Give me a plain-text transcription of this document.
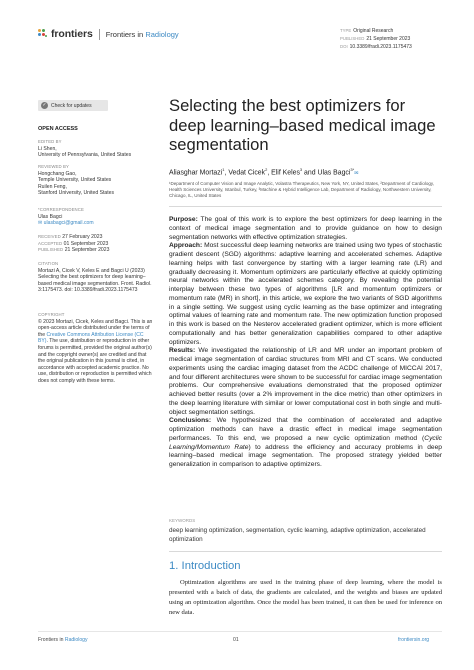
frontiers Frontiers in Radiology	TYPE Original Research
PUBLISHED 21 September 2023
DOI 10.3389/fradi.2023.1175473
✓ Check for updates
OPEN ACCESS
EDITED BY
Li Shen,
University of Pennsylvania, United States
REVIEWED BY
Hongchang Gao,
Temple University, United States
Ruilen Feng,
Stanford University, United States
*CORRESPONDENCE
Ulas Bagci
✉ ulasbagci@gmail.com
RECEIVED 27 February 2023
ACCEPTED 01 September 2023
PUBLISHED 21 September 2023
CITATION
Mortazi A, Cicek V, Keles E and Bagci U (2023) Selecting the best optimizers for deep learning–based medical image segmentation. Front. Radiol. 3:1175473. doi: 10.3389/fradi.2023.1175473
COPYRIGHT
© 2023 Mortazi, Cicek, Keles and Bagci. This is an open-access article distributed under the terms of the Creative Commons Attribution License (CC BY). The use, distribution or reproduction in other forums is permitted, provided the original author(s) and the copyright owner(s) are credited and that the original publication in this journal is cited, in accordance with accepted academic practice. No use, distribution or reproduction is permitted which does not comply with these terms.
Selecting the best optimizers for deep learning–based medical image segmentation
Aliasghar Mortazi$^1$, Vedat Cicek$^2$, Elif Keles$^3$ and Ulas Bagci$^{3*}$✉
¹Department of Computer Vision and Image Analytic, Volastra Therapeutics, New York, NY, United States, ²Department of Cardiology, Health Sciences University, Istanbul, Turkey, ³Machine & Hybrid Intelligence Lab, Department of Radiology, Northwestern University, Chicago, IL, United States

Purpose: The goal of this work is to explore the best optimizers for deep learning in the context of medical image segmentation and to provide guidance on how to design segmentation networks with effective optimization strategies.

Approach: Most successful deep learning networks are trained using two types of stochastic gradient descent (SGD) algorithms: adaptive learning and accelerated schemes. Adaptive learning helps with fast convergence by starting with a larger learning rate (LR) and gradually decreasing it. Momentum optimizers are particularly effective at quickly optimizing neural networks within the accelerated schemes category. By revealing the potential interplay between these two types of algorithms [LR and momentum optimizers or momentum rate (MR) in short], in this article, we explore the two variants of SGD algorithms in a single setting. We suggest using cyclic learning as the base optimizer and integrating optimal values of learning rate and momentum rate. The new optimization function proposed in this work is based on the Nesterov accelerated gradient optimizer, which is more efficient computationally and has better generalization capabilities compared to other adaptive optimizers.

Results: We investigated the relationship of LR and MR under an important problem of medical image segmentation of cardiac structures from MRI and CT scans. We conducted experiments using the cardiac imaging dataset from the ACDC challenge of MICCAI 2017, and four different architectures were shown to be successful for cardiac image segmentation problems. Our comprehensive evaluations demonstrated that the proposed optimizer achieved better results (over a 2% improvement in the dice metric) than other optimizers in the deep learning literature with similar or lower computational cost in both single and multi-object segmentation settings.

Conclusions: We hypothesized that the combination of accelerated and adaptive optimization methods can have a drastic effect in medical image segmentation performances. To this end, we proposed a new cyclic optimization method (Cyclic Learning/Momentum Rate) to address the efficiency and accuracy problems in deep learning–based medical image segmentation. The proposed strategy yielded better generalization in comparison to adaptive optimizers.

KEYWORDS
deep learning optimization, segmentation, cyclic learning, adaptive optimization, accelerated optimization
1. Introduction

Optimization algorithms are used in the training phase of deep learning, where the model is presented with a batch of data, the gradients are calculated, and the weights and biases are updated using an optimization algorithm. Once the model has been trained, it can then be used for inference on new data.

Frontiers in Radiology	01	frontiersin.org
